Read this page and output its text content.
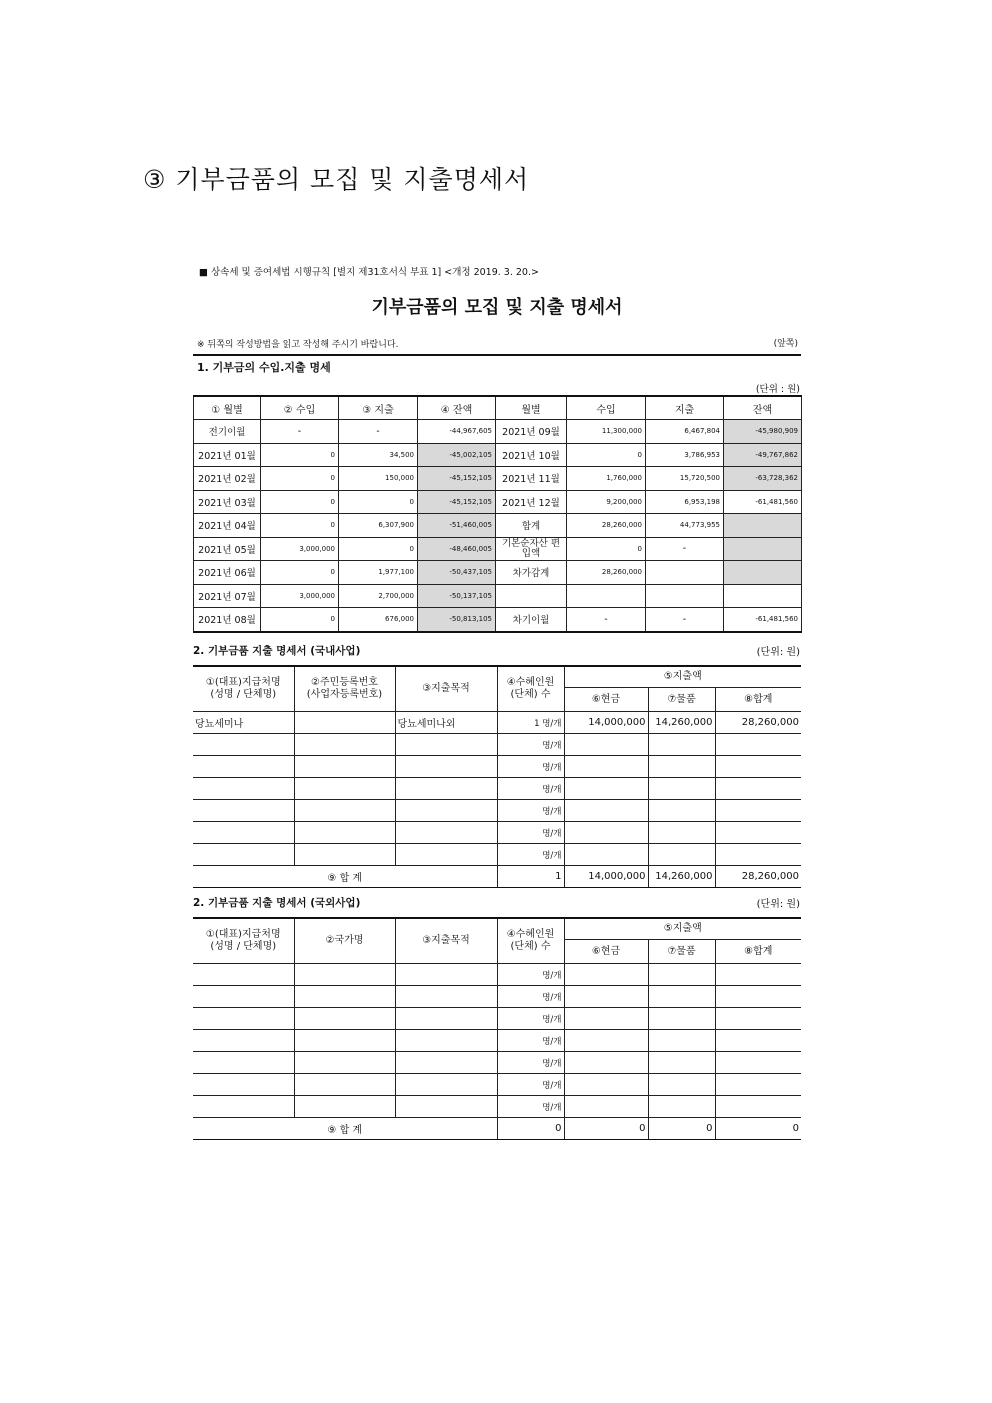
③ 기부금품의 모집 및 지출명세서
■ 상속세 및 증여세법 시행규칙 [별지 제31호서식 부표 1] <개정 2019. 3. 20.>
기부금품의 모집 및 지출 명세서
※ 뒤쪽의 작성방법을 읽고 작성해 주시기 바랍니다.	(앞쪽)
1. 기부금의 수입.지출 명세
(단위 : 원)
① 월별	② 수입	③ 지출	④ 잔액	월별	수입	지출	잔액
전기이월	-	-	-44,967,605	2021년 09월	11,300,000	6,467,804	-45,980,909
2021년 01월	0	34,500	-45,002,105	2021년 10월	0	3,786,953	-49,767,862
2021년 02월	0	150,000	-45,152,105	2021년 11월	1,760,000	15,720,500	-63,728,362
2021년 03월	0	0	-45,152,105	2021년 12월	9,200,000	6,953,198	-61,481,560
2021년 04월	0	6,307,900	-51,460,005	합계	28,260,000	44,773,955	
2021년 05월	3,000,000	0	-48,460,005	기본순자산 편입액	0	-	
2021년 06월	0	1,977,100	-50,437,105	차가감계	28,260,000		
2021년 07월	3,000,000	2,700,000	-50,137,105				
2021년 08월	0	676,000	-50,813,105	차기이월	-	-	-61,481,560
2. 기부금품 지출 명세서 (국내사업)	(단위: 원)
①(대표)지급처명
(성명 / 단체명)	②주민등록번호
(사업자등록번호)	③지출목적	④수혜인원
(단체) 수	⑤지출액		
				⑥현금	⑦물품	⑧합계
당뇨세미나		당뇨세미나외	1 명/개	14,000,000	14,260,000	28,260,000
			명/개			
			명/개			
			명/개			
			명/개			
			명/개			
			명/개			
⑨ 합 계			1	14,000,000	14,260,000	28,260,000
2. 기부금품 지출 명세서 (국외사업)	(단위: 원)
①(대표)지급처명
(성명 / 단체명)	②국가명	③지출목적	④수혜인원
(단체) 수	⑤지출액		
				⑥현금	⑦물품	⑧합계
			명/개			
			명/개			
			명/개			
			명/개			
			명/개			
			명/개			
			명/개			
⑨ 합 계			0	0	0	0
